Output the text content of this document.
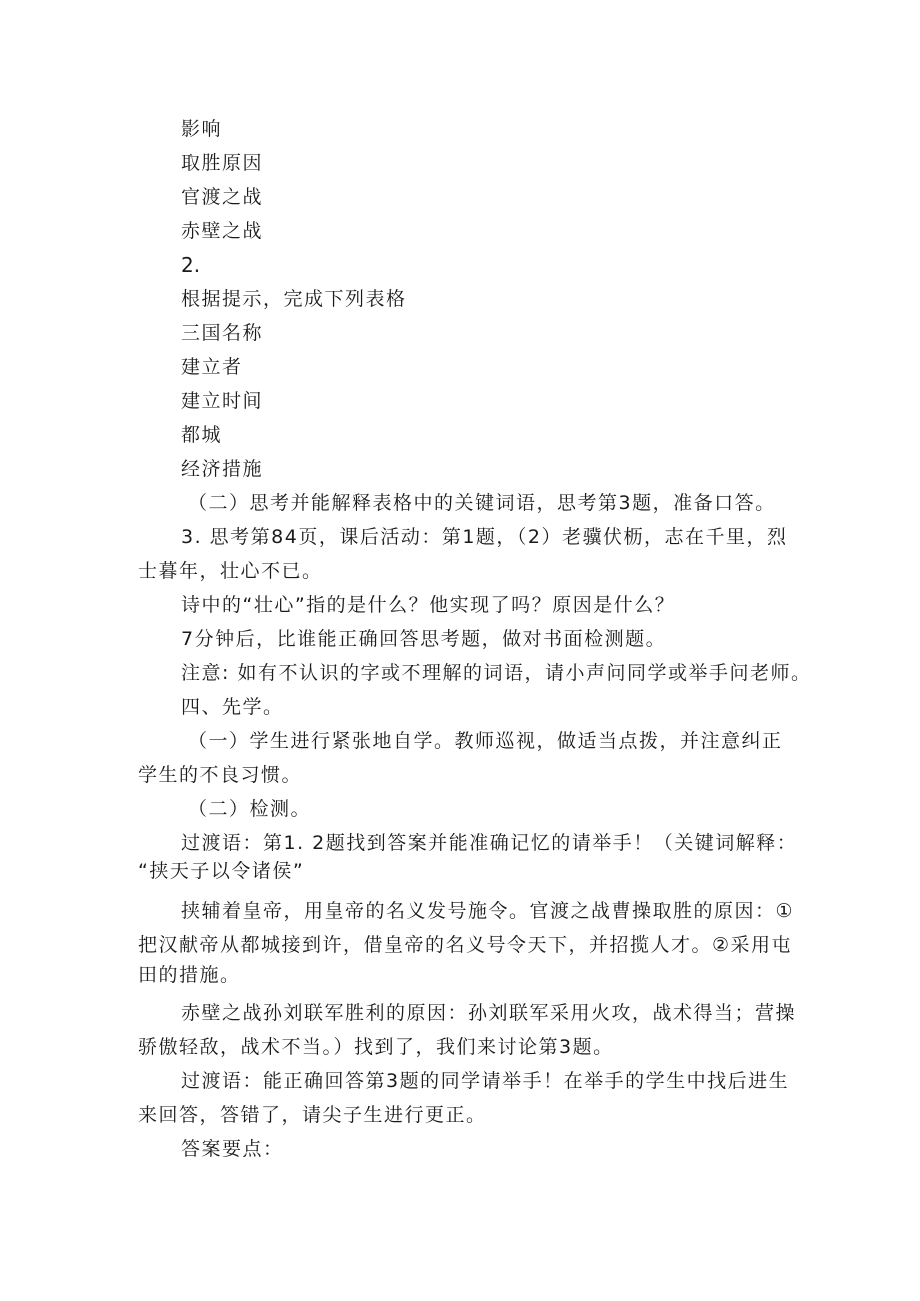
影响
取胜原因
官渡之战
赤壁之战
2.
根据提示，完成下列表格
三国名称
建立者
建立时间
都城
经济措施
（二）思考并能解释表格中的关键词语，思考第3题，准备口答。
3. 思考第84页，课后活动：第1题，（2）老骥伏枥，志在千里，烈
士暮年，壮心不已。
诗中的“壮心”指的是什么？他实现了吗？原因是什么？
7分钟后，比谁能正确回答思考题，做对书面检测题。
注意: 如有不认识的字或不理解的词语，请小声问同学或举手问老师。
四、先学。
（一）学生进行紧张地自学。教师巡视，做适当点拨，并注意纠正
学生的不良习惯。
（二）检测。
过渡语：第1. 2题找到答案并能准确记忆的请举手！（关键词解释：
“挟天子以令诸侯”
挟辅着皇帝，用皇帝的名义发号施令。官渡之战曹操取胜的原因：①
把汉献帝从都城接到许，借皇帝的名义号令天下，并招揽人才。②采用屯
田的措施。
赤壁之战孙刘联军胜利的原因：孙刘联军采用火攻，战术得当；营操
骄傲轻敌，战术不当。）找到了，我们来讨论第3题。
过渡语：能正确回答第3题的同学请举手！在举手的学生中找后进生
来回答，答错了，请尖子生进行更正。
答案要点：
